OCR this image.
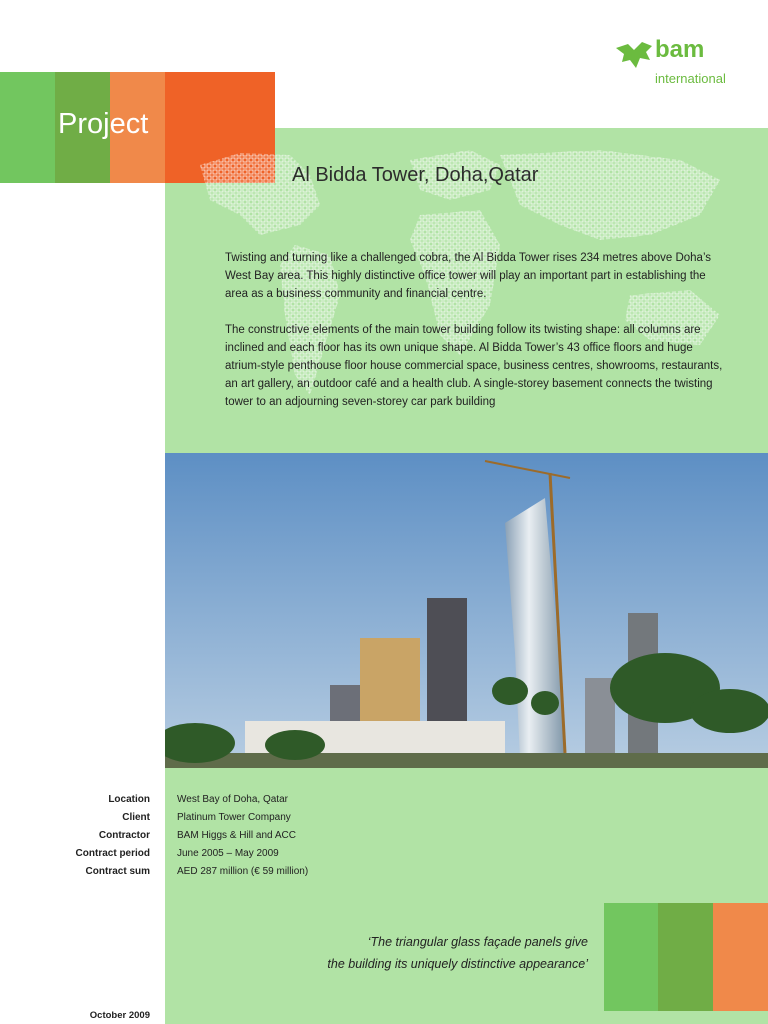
bam
international
Project
Al Bidda Tower, Doha,Qatar
Twisting and turning like a challenged cobra, the Al Bidda Tower rises 234 metres above Doha’s West Bay area. This highly distinctive office tower will play an important part in establishing the area as a business community and financial centre.
The constructive elements of the main tower building follow its twisting shape: all columns are inclined and each floor has its own unique shape. Al Bidda Tower’s 43 office floors and huge atrium-style penthouse floor house commercial space, business centres, showrooms, restaurants, an art gallery, an outdoor café and a health club. A single-storey basement connects the twisting tower to an adjourning seven-storey car park building
Location	West Bay of Doha, Qatar
Client	Platinum Tower Company
Contractor	BAM Higgs & Hill and ACC
Contract period	June 2005 – May 2009
Contract sum	AED 287 million (€ 59 million)
‘The triangular glass façade panels give
the building its uniquely distinctive appearance’
October 2009
